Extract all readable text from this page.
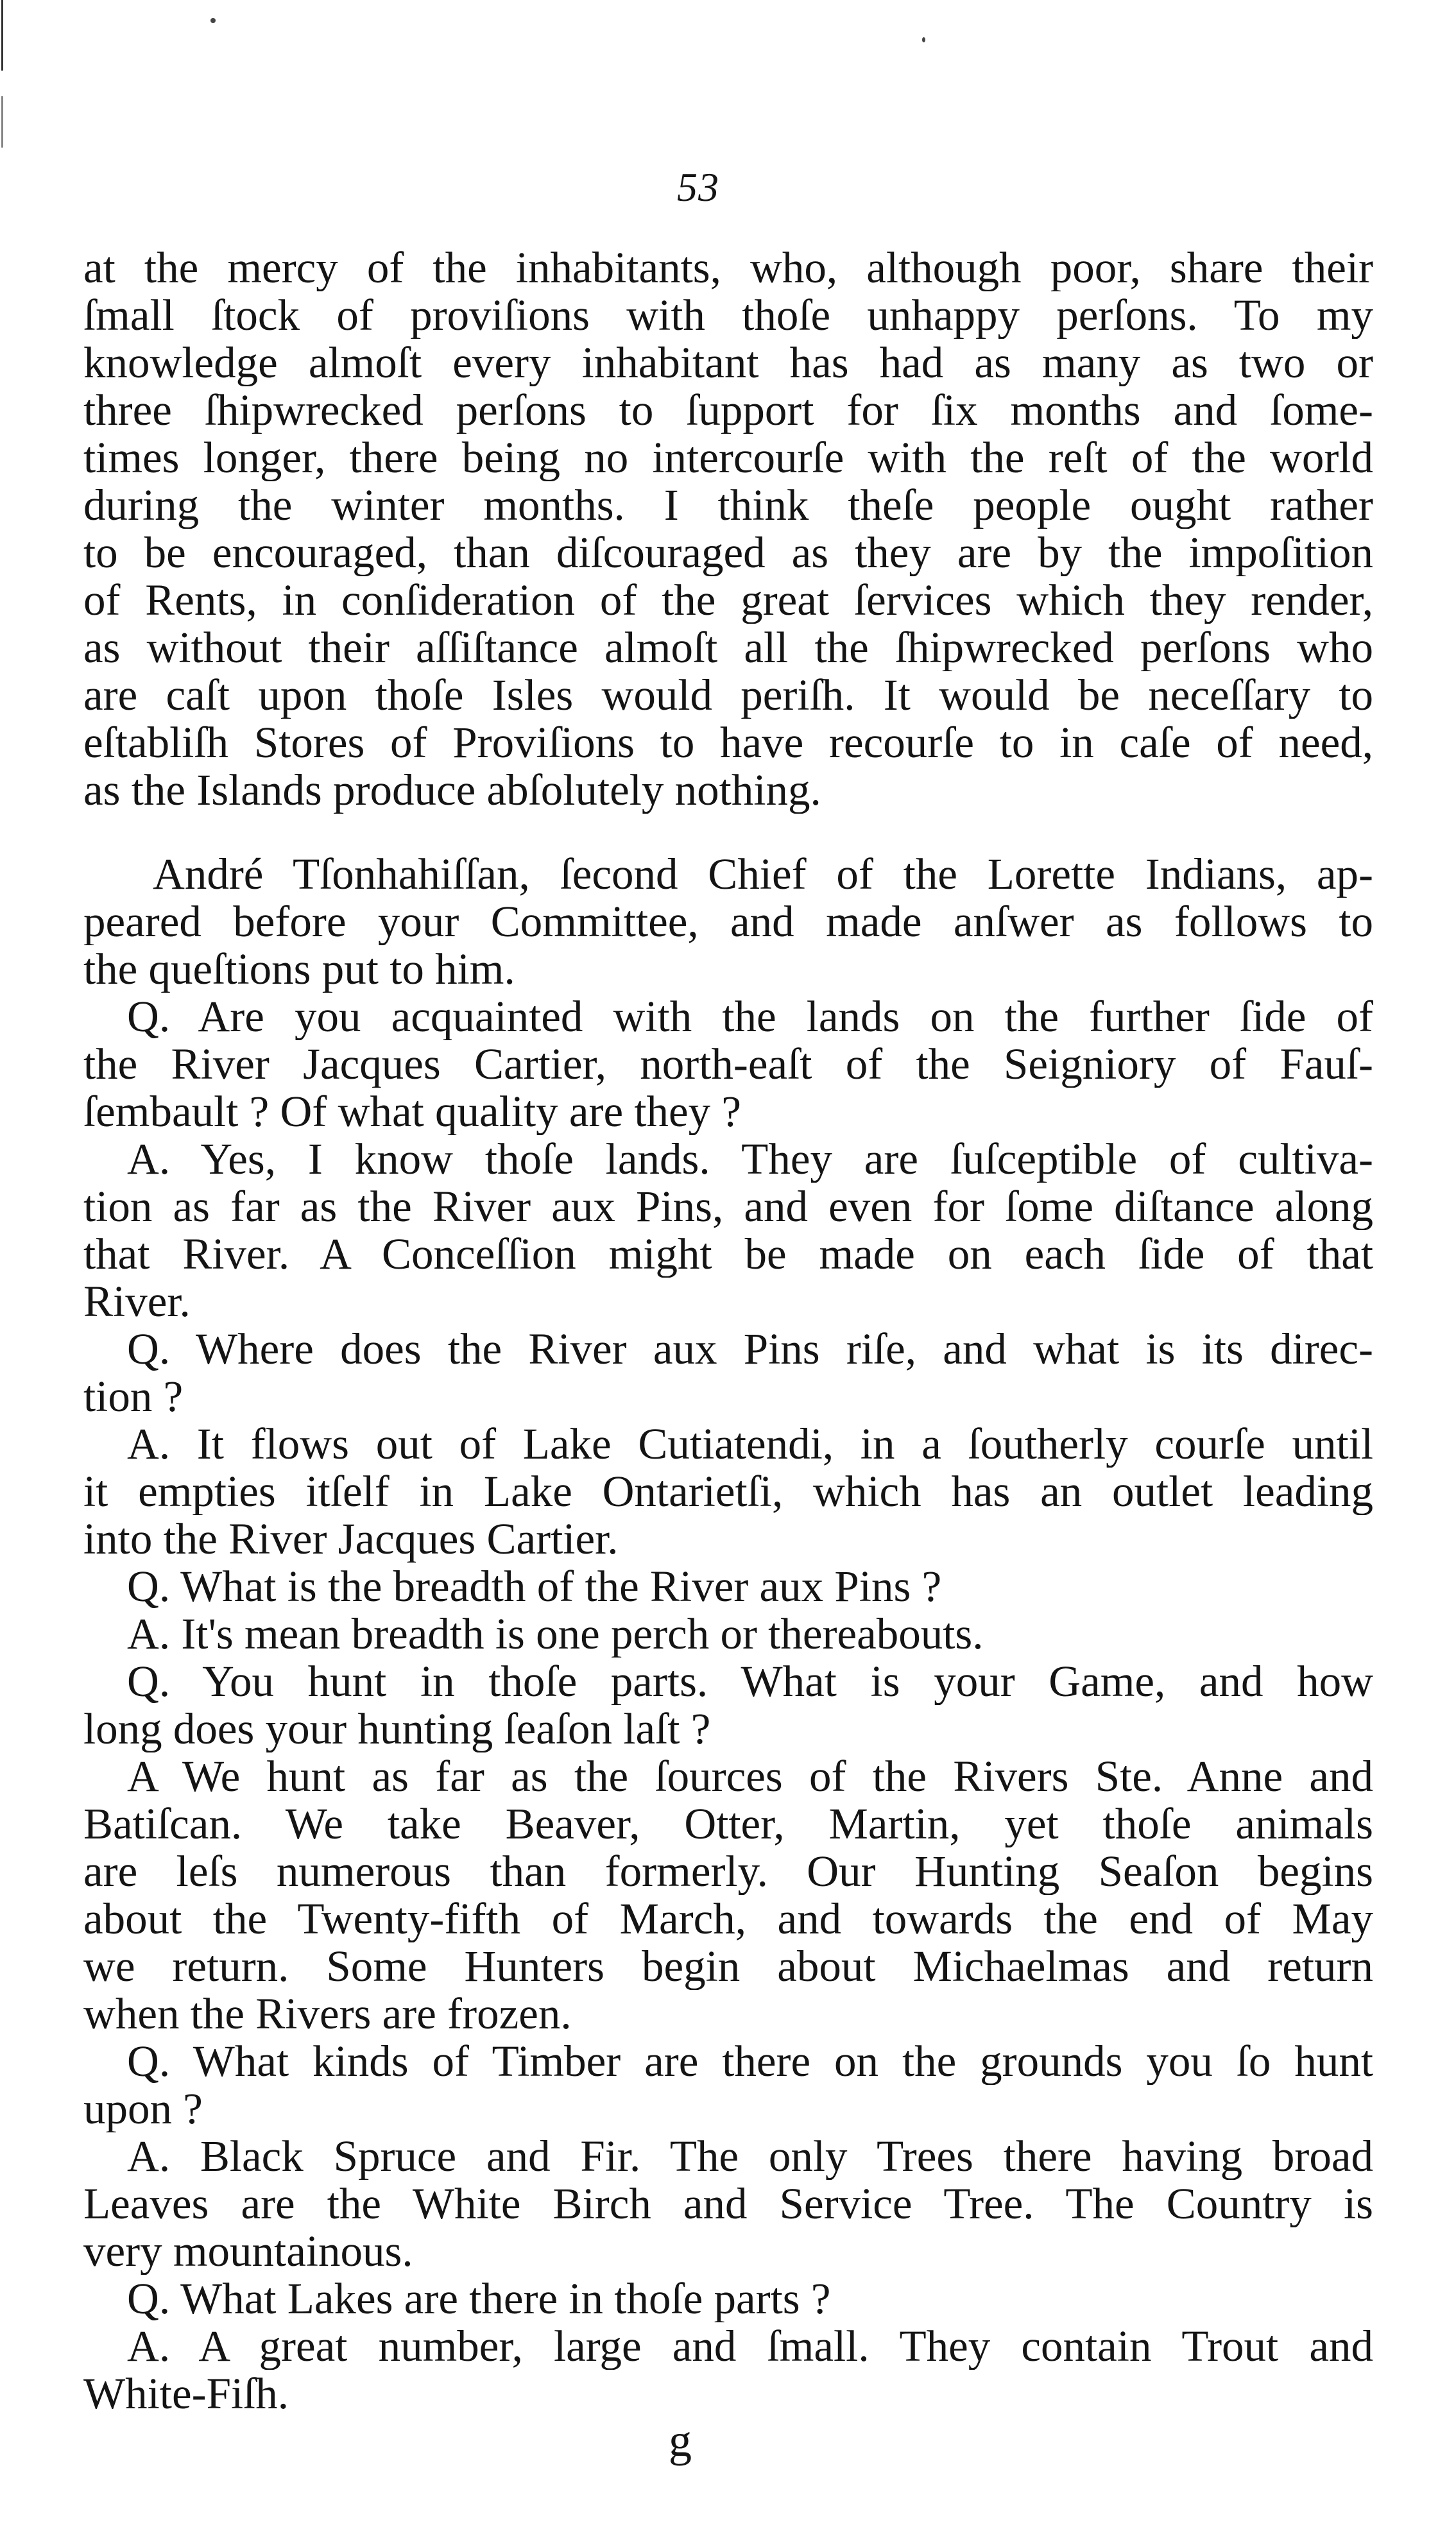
53
at the mercy of the inhabitants, who, although poor, share their
ſmall ſtock of proviſions with thoſe unhappy perſons. To my
knowledge almoſt every inhabitant has had as many as two or
three ſhipwrecked perſons to ſupport for ſix months and ſome-
times longer, there being no intercourſe with the reſt of the world
during the winter months. I think theſe people ought rather
to be encouraged, than diſcouraged as they are by the impoſition
of Rents, in conſideration of the great ſervices which they render,
as without their aſſiſtance almoſt all the ſhipwrecked perſons who
are caſt upon thoſe Isles would periſh. It would be neceſſary to
eſtabliſh Stores of Proviſions to have recourſe to in caſe of need,
as the Islands produce abſolutely nothing.
André Tſonhahiſſan, ſecond Chief of the Lorette Indians, ap-
peared before your Committee, and made anſwer as follows to
the queſtions put to him.
Q. Are you acquainted with the lands on the further ſide of
the River Jacques Cartier, north-eaſt of the Seigniory of Fauſ-
ſembault ? Of what quality are they ?
A. Yes, I know thoſe lands. They are ſuſceptible of cultiva-
tion as far as the River aux Pins, and even for ſome diſtance along
that River. A Conceſſion might be made on each ſide of that
River.
Q. Where does the River aux Pins riſe, and what is its direc-
tion ?
A. It flows out of Lake Cutiatendi, in a ſoutherly courſe until
it empties itſelf in Lake Ontarietſi, which has an outlet leading
into the River Jacques Cartier.
Q. What is the breadth of the River aux Pins ?
A. It's mean breadth is one perch or thereabouts.
Q. You hunt in thoſe parts. What is your Game, and how
long does your hunting ſeaſon laſt ?
A We hunt as far as the ſources of the Rivers Ste. Anne and
Batiſcan. We take Beaver, Otter, Martin, yet thoſe animals
are leſs numerous than formerly. Our Hunting Seaſon begins
about the Twenty-fifth of March, and towards the end of May
we return. Some Hunters begin about Michaelmas and return
when the Rivers are frozen.
Q. What kinds of Timber are there on the grounds you ſo hunt
upon ?
A. Black Spruce and Fir. The only Trees there having broad
Leaves are the White Birch and Service Tree. The Country is
very mountainous.
Q. What Lakes are there in thoſe parts ?
A. A great number, large and ſmall. They contain Trout and
White-Fiſh.
g
